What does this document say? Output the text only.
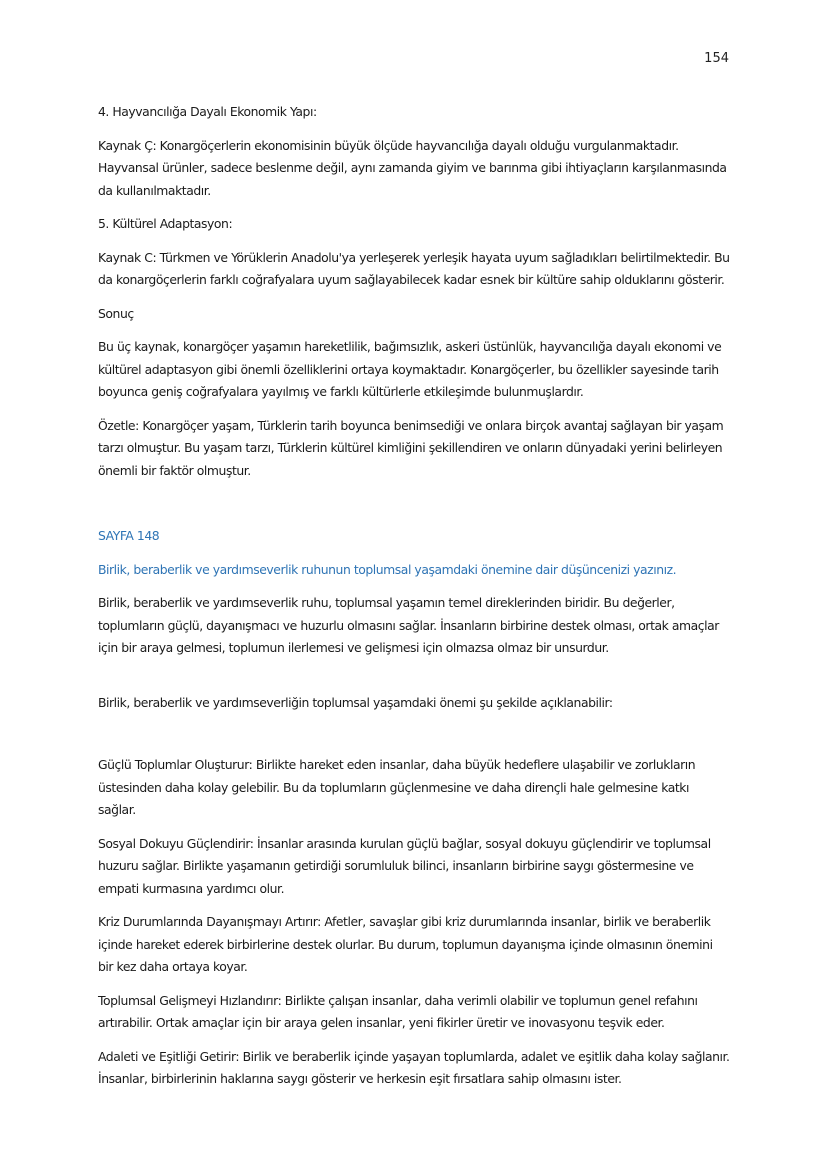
154

4. Hayvancılığa Dayalı Ekonomik Yapı:

Kaynak Ç: Konargöçerlerin ekonomisinin büyük ölçüde hayvancılığa dayalı olduğu vurgulanmaktadır. Hayvansal ürünler, sadece beslenme değil, aynı zamanda giyim ve barınma gibi ihtiyaçların karşılanmasında da kullanılmaktadır.

5. Kültürel Adaptasyon:

Kaynak C: Türkmen ve Yörüklerin Anadolu'ya yerleşerek yerleşik hayata uyum sağladıkları belirtilmektedir. Bu da konargöçerlerin farklı coğrafyalara uyum sağlayabilecek kadar esnek bir kültüre sahip olduklarını gösterir.

Sonuç

Bu üç kaynak, konargöçer yaşamın hareketlilik, bağımsızlık, askeri üstünlük, hayvancılığa dayalı ekonomi ve kültürel adaptasyon gibi önemli özelliklerini ortaya koymaktadır. Konargöçerler, bu özellikler sayesinde tarih boyunca geniş coğrafyalara yayılmış ve farklı kültürlerle etkileşimde bulunmuşlardır.

Özetle: Konargöçer yaşam, Türklerin tarih boyunca benimsediği ve onlara birçok avantaj sağlayan bir yaşam tarzı olmuştur. Bu yaşam tarzı, Türklerin kültürel kimliğini şekillendiren ve onların dünyadaki yerini belirleyen önemli bir faktör olmuştur.

SAYFA 148

Birlik, beraberlik ve yardımseverlik ruhunun toplumsal yaşamdaki önemine dair düşüncenizi yazınız.

Birlik, beraberlik ve yardımseverlik ruhu, toplumsal yaşamın temel direklerinden biridir. Bu değerler, toplumların güçlü, dayanışmacı ve huzurlu olmasını sağlar. İnsanların birbirine destek olması, ortak amaçlar için bir araya gelmesi, toplumun ilerlemesi ve gelişmesi için olmazsa olmaz bir unsurdur.

Birlik, beraberlik ve yardımseverliğin toplumsal yaşamdaki önemi şu şekilde açıklanabilir:

Güçlü Toplumlar Oluşturur: Birlikte hareket eden insanlar, daha büyük hedeflere ulaşabilir ve zorlukların üstesinden daha kolay gelebilir. Bu da toplumların güçlenmesine ve daha dirençli hale gelmesine katkı sağlar.

Sosyal Dokuyu Güçlendirir: İnsanlar arasında kurulan güçlü bağlar, sosyal dokuyu güçlendirir ve toplumsal huzuru sağlar. Birlikte yaşamanın getirdiği sorumluluk bilinci, insanların birbirine saygı göstermesine ve empati kurmasına yardımcı olur.

Kriz Durumlarında Dayanışmayı Artırır: Afetler, savaşlar gibi kriz durumlarında insanlar, birlik ve beraberlik içinde hareket ederek birbirlerine destek olurlar. Bu durum, toplumun dayanışma içinde olmasının önemini bir kez daha ortaya koyar.

Toplumsal Gelişmeyi Hızlandırır: Birlikte çalışan insanlar, daha verimli olabilir ve toplumun genel refahını artırabilir. Ortak amaçlar için bir araya gelen insanlar, yeni fikirler üretir ve inovasyonu teşvik eder.

Adaleti ve Eşitliği Getirir: Birlik ve beraberlik içinde yaşayan toplumlarda, adalet ve eşitlik daha kolay sağlanır. İnsanlar, birbirlerinin haklarına saygı gösterir ve herkesin eşit fırsatlara sahip olmasını ister.
